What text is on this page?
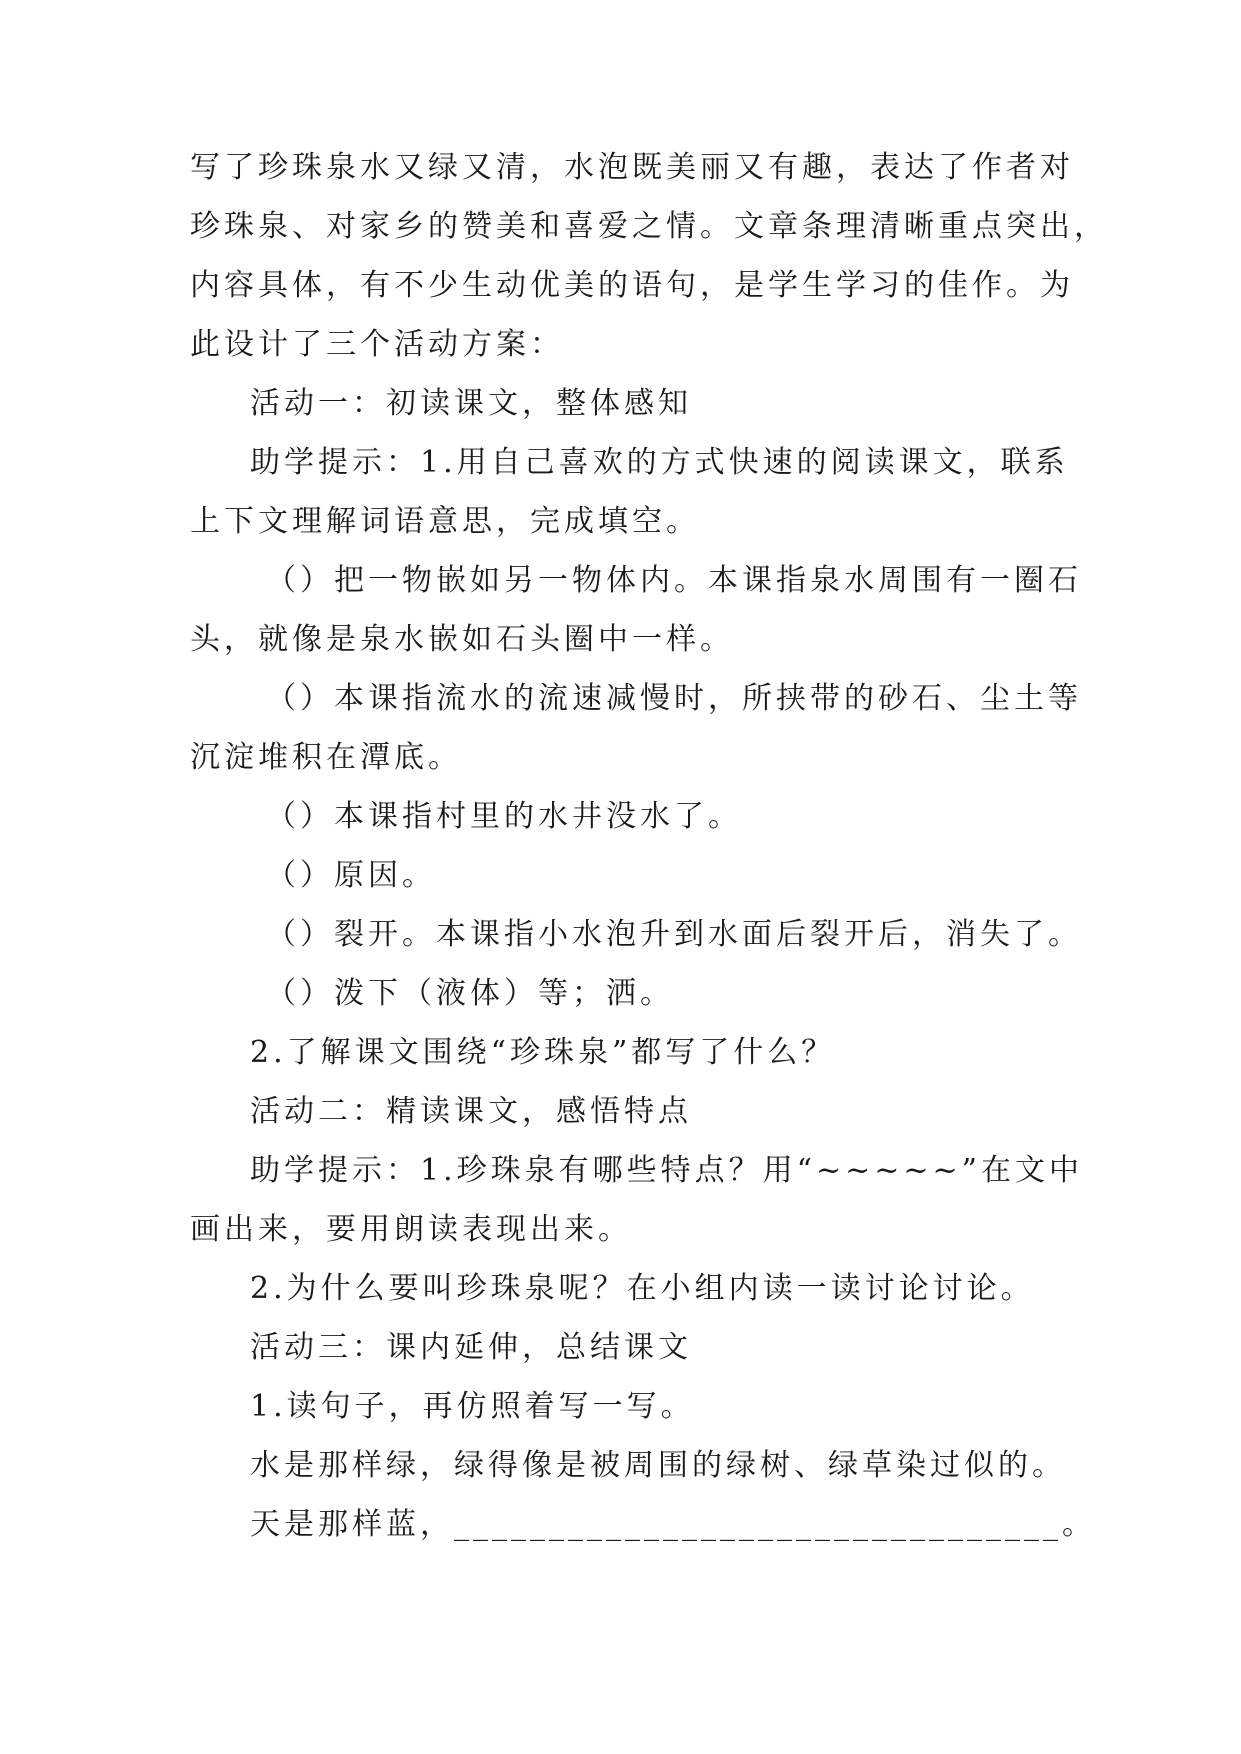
写了珍珠泉水又绿又清，水泡既美丽又有趣，表达了作者对
珍珠泉、对家乡的赞美和喜爱之情。文章条理清晰重点突出，
内容具体，有不少生动优美的语句，是学生学习的佳作。为
此设计了三个活动方案：
活动一：初读课文，整体感知
助学提示：1.用自己喜欢的方式快速的阅读课文，联系
上下文理解词语意思，完成填空。
（）把一物嵌如另一物体内。本课指泉水周围有一圈石
头，就像是泉水嵌如石头圈中一样。
（）本课指流水的流速减慢时，所挟带的砂石、尘土等
沉淀堆积在潭底。
（）本课指村里的水井没水了。
（）原因。
（）裂开。本课指小水泡升到水面后裂开后，消失了。
（）泼下（液体）等；洒。
2.了解课文围绕“珍珠泉”都写了什么？
活动二：精读课文，感悟特点
助学提示：1.珍珠泉有哪些特点？用“~~~~~”在文中
画出来，要用朗读表现出来。
2.为什么要叫珍珠泉呢？在小组内读一读讨论讨论。
活动三：课内延伸，总结课文
1.读句子，再仿照着写一写。
水是那样绿，绿得像是被周围的绿树、绿草染过似的。
天是那样蓝，________________________________。
